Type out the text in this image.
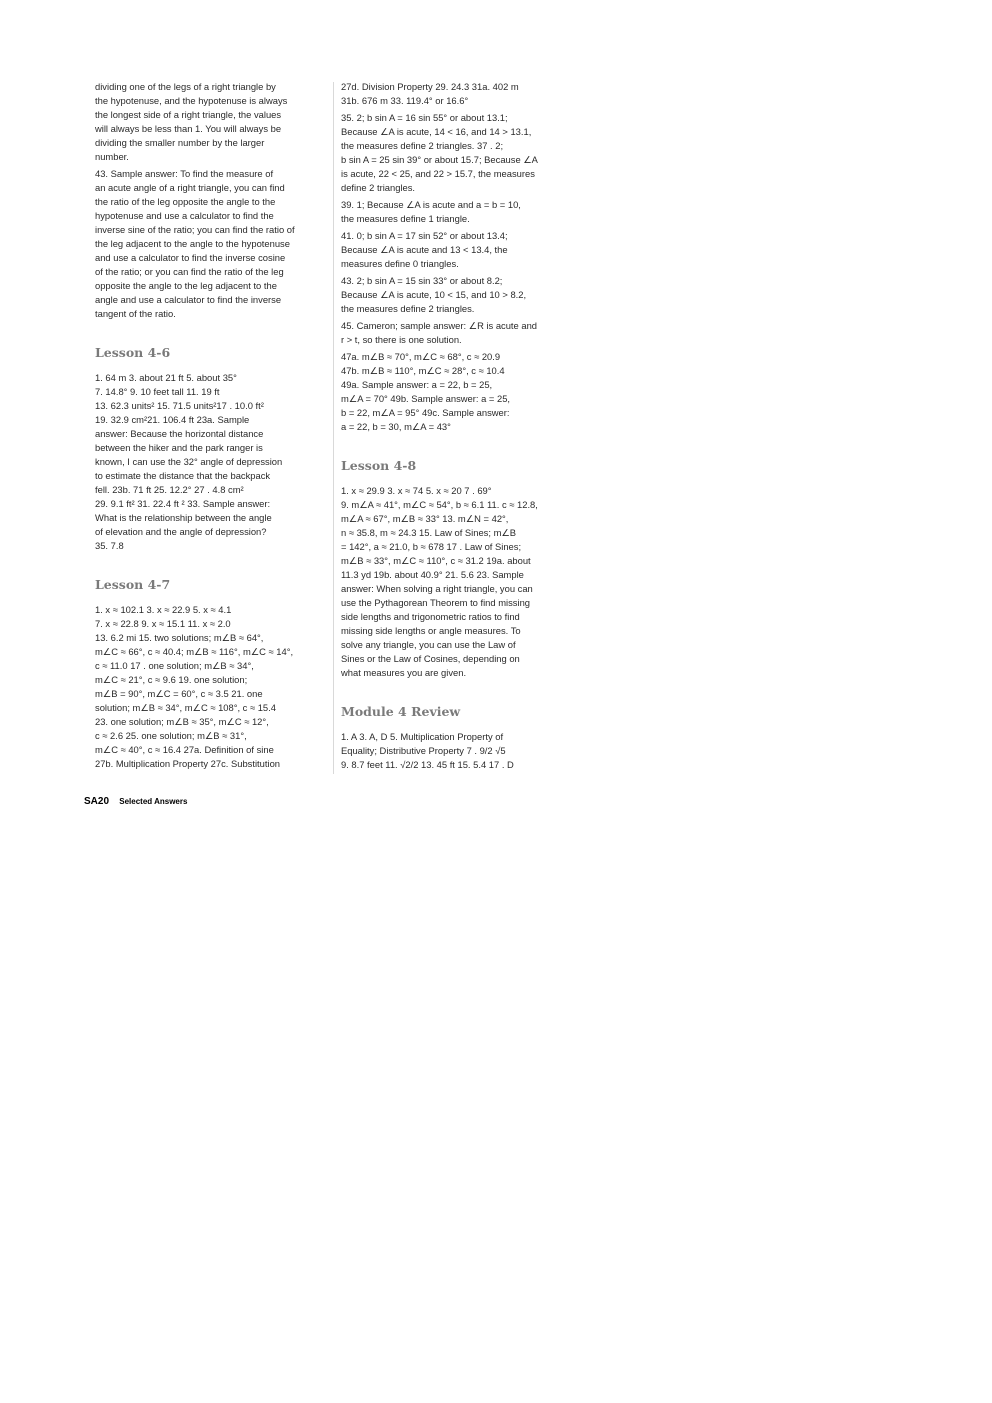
dividing one of the legs of a right triangle by
the hypotenuse, and the hypotenuse is always
the longest side of a right triangle, the values
will always be less than 1. You will always be
dividing the smaller number by the larger
number.
43. Sample answer: To find the measure of
an acute angle of a right triangle, you can find
the ratio of the leg opposite the angle to the
hypotenuse and use a calculator to find the
inverse sine of the ratio; you can find the ratio of
the leg adjacent to the angle to the hypotenuse
and use a calculator to find the inverse cosine
of the ratio; or you can find the ratio of the leg
opposite the angle to the leg adjacent to the
angle and use a calculator to find the inverse
tangent of the ratio.
Lesson 4-6
1. 64 m 3. about 21 ft 5. about 35°
7. 14.8° 9. 10 feet tall 11. 19 ft
13. 62.3 units² 15. 71.5 units²17 . 10.0 ft²
19. 32.9 cm²21. 106.4 ft 23a. Sample
answer: Because the horizontal distance
between the hiker and the park ranger is
known, I can use the 32° angle of depression
to estimate the distance that the backpack
fell. 23b. 71 ft 25. 12.2° 27 . 4.8 cm²
29. 9.1 ft² 31. 22.4 ft ² 33. Sample answer:
What is the relationship between the angle
of elevation and the angle of depression?
35. 7.8
Lesson 4-7
1. x ≈ 102.1 3. x ≈ 22.9 5. x ≈ 4.1
7. x ≈ 22.8 9. x ≈ 15.1 11. x ≈ 2.0
13. 6.2 mi 15. two solutions; m∠B ≈ 64°,
m∠C ≈ 66°, c ≈ 40.4; m∠B ≈ 116°, m∠C ≈ 14°,
c ≈ 11.0 17 . one solution; m∠B ≈ 34°,
m∠C ≈ 21°, c ≈ 9.6 19. one solution;
m∠B = 90°, m∠C = 60°, c ≈ 3.5 21. one
solution; m∠B ≈ 34°, m∠C ≈ 108°, c ≈ 15.4
23. one solution; m∠B ≈ 35°, m∠C ≈ 12°,
c ≈ 2.6 25. one solution; m∠B ≈ 31°,
m∠C ≈ 40°, c ≈ 16.4 27a. Definition of sine
27b. Multiplication Property 27c. Substitution
27d. Division Property 29. 24.3 31a. 402 m
31b. 676 m 33. 119.4° or 16.6°
35. 2; b sin A = 16 sin 55° or about 13.1;
Because ∠A is acute, 14 < 16, and 14 > 13.1,
the measures define 2 triangles. 37 . 2;
b sin A = 25 sin 39° or about 15.7; Because ∠A
is acute, 22 < 25, and 22 > 15.7, the measures
define 2 triangles.
39. 1; Because ∠A is acute and a = b = 10,
the measures define 1 triangle.
41. 0; b sin A = 17 sin 52° or about 13.4;
Because ∠A is acute and 13 < 13.4, the
measures define 0 triangles.
43. 2; b sin A = 15 sin 33° or about 8.2;
Because ∠A is acute, 10 < 15, and 10 > 8.2,
the measures define 2 triangles.
45. Cameron; sample answer: ∠R is acute and
r > t, so there is one solution.
47a. m∠B ≈ 70°, m∠C ≈ 68°, c ≈ 20.9
47b. m∠B ≈ 110°, m∠C ≈ 28°, c ≈ 10.4
49a. Sample answer: a = 22, b = 25,
m∠A = 70° 49b. Sample answer: a = 25,
b = 22, m∠A = 95° 49c. Sample answer:
a = 22, b = 30, m∠A = 43°
Lesson 4-8
1. x ≈ 29.9 3. x ≈ 74 5. x ≈ 20 7 . 69°
9. m∠A ≈ 41°, m∠C ≈ 54°, b ≈ 6.1 11. c ≈ 12.8,
m∠A ≈ 67°, m∠B ≈ 33° 13. m∠N = 42°,
n ≈ 35.8, m ≈ 24.3 15. Law of Sines; m∠B
= 142°, a ≈ 21.0, b ≈ 678 17 . Law of Sines;
m∠B ≈ 33°, m∠C ≈ 110°, c ≈ 31.2 19a. about
11.3 yd 19b. about 40.9° 21. 5.6 23. Sample
answer: When solving a right triangle, you can
use the Pythagorean Theorem to find missing
side lengths and trigonometric ratios to find
missing side lengths or angle measures. To
solve any triangle, you can use the Law of
Sines or the Law of Cosines, depending on
what measures you are given.
Module 4 Review
1. A 3. A, D 5. Multiplication Property of
Equality; Distributive Property 7 . 9/2 √5
9. 8.7 feet 11. √2/2 13. 45 ft 15. 5.4 17 . D
SA20 Selected Answers
